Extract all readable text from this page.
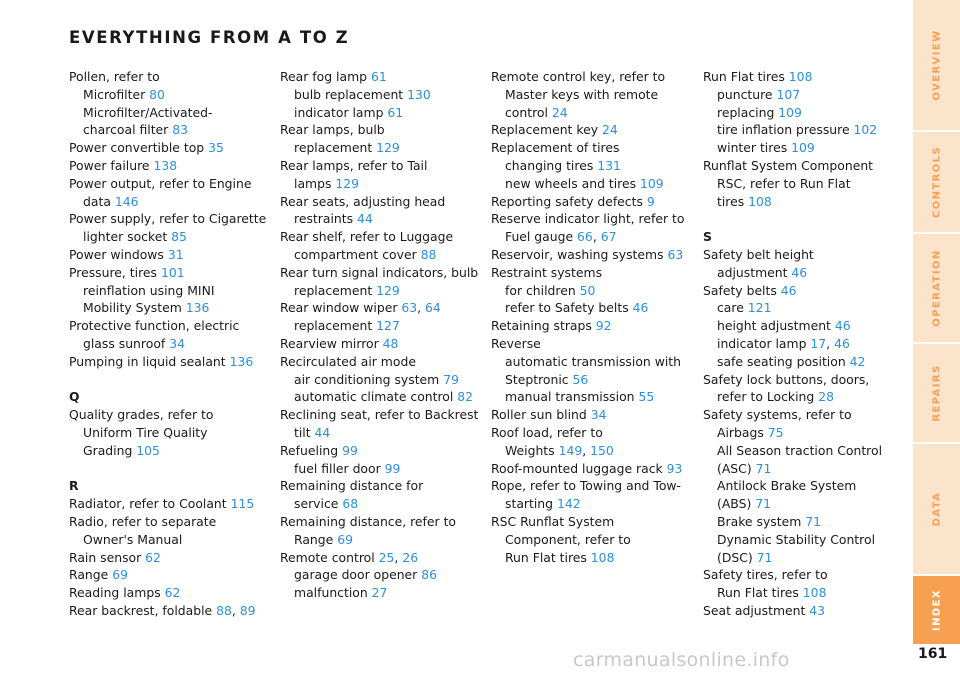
EVERYTHING FROM A TO Z
Pollen, refer to
Microfilter 80
Microfilter/Activated-
charcoal filter 83
Power convertible top 35
Power failure 138
Power output, refer to Engine
data 146
Power supply, refer to Cigarette
lighter socket 85
Power windows 31
Pressure, tires 101
reinflation using MINI
Mobility System 136
Protective function, electric
glass sunroof 34
Pumping in liquid sealant 136
Q
Quality grades, refer to
Uniform Tire Quality
Grading 105
R
Radiator, refer to Coolant 115
Radio, refer to separate
Owner's Manual
Rain sensor 62
Range 69
Reading lamps 62
Rear backrest, foldable 88, 89
Rear fog lamp 61
bulb replacement 130
indicator lamp 61
Rear lamps, bulb
replacement 129
Rear lamps, refer to Tail
lamps 129
Rear seats, adjusting head
restraints 44
Rear shelf, refer to Luggage
compartment cover 88
Rear turn signal indicators, bulb
replacement 129
Rear window wiper 63, 64
replacement 127
Rearview mirror 48
Recirculated air mode
air conditioning system 79
automatic climate control 82
Reclining seat, refer to Backrest
tilt 44
Refueling 99
fuel filler door 99
Remaining distance for
service 68
Remaining distance, refer to
Range 69
Remote control 25, 26
garage door opener 86
malfunction 27
Remote control key, refer to
Master keys with remote
control 24
Replacement key 24
Replacement of tires
changing tires 131
new wheels and tires 109
Reporting safety defects 9
Reserve indicator light, refer to
Fuel gauge 66, 67
Reservoir, washing systems 63
Restraint systems
for children 50
refer to Safety belts 46
Retaining straps 92
Reverse
automatic transmission with
Steptronic 56
manual transmission 55
Roller sun blind 34
Roof load, refer to
Weights 149, 150
Roof-mounted luggage rack 93
Rope, refer to Towing and Tow-
starting 142
RSC Runflat System
Component, refer to
Run Flat tires 108
Run Flat tires 108
puncture 107
replacing 109
tire inflation pressure 102
winter tires 109
Runflat System Component
RSC, refer to Run Flat
tires 108
S
Safety belt height
adjustment 46
Safety belts 46
care 121
height adjustment 46
indicator lamp 17, 46
safe seating position 42
Safety lock buttons, doors,
refer to Locking 28
Safety systems, refer to
Airbags 75
All Season traction Control
(ASC) 71
Antilock Brake System
(ABS) 71
Brake system 71
Dynamic Stability Control
(DSC) 71
Safety tires, refer to
Run Flat tires 108
Seat adjustment 43
OVERVIEW
CONTROLS
OPERATION
REPAIRS
DATA
INDEX
161
carmanualsonline.info
